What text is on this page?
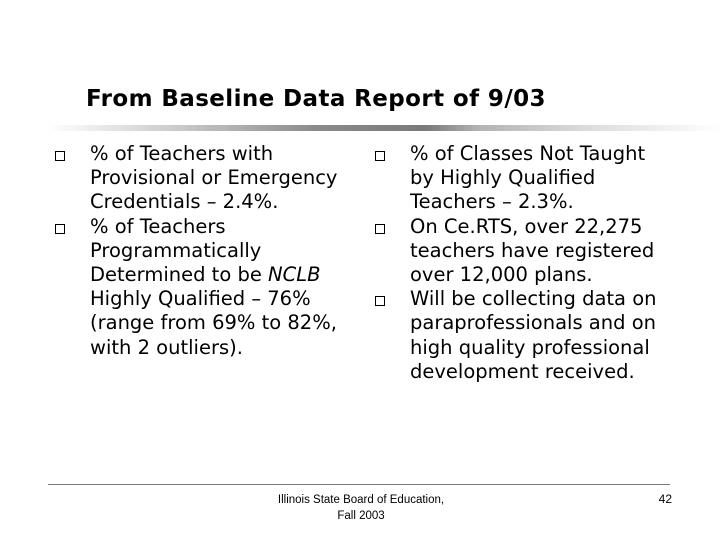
From Baseline Data Report of 9/03
% of Teachers with Provisional or Emergency Credentials – 2.4%.
% of Teachers Programmatically Determined to be NCLB Highly Qualified – 76% (range from 69% to 82%, with 2 outliers).
% of Classes Not Taught by Highly Qualified Teachers – 2.3%.
On Ce.RTS, over 22,275 teachers have registered over 12,000 plans.
Will be collecting data on paraprofessionals and on high quality professional development received.
Illinois State Board of Education,
Fall 2003
42
